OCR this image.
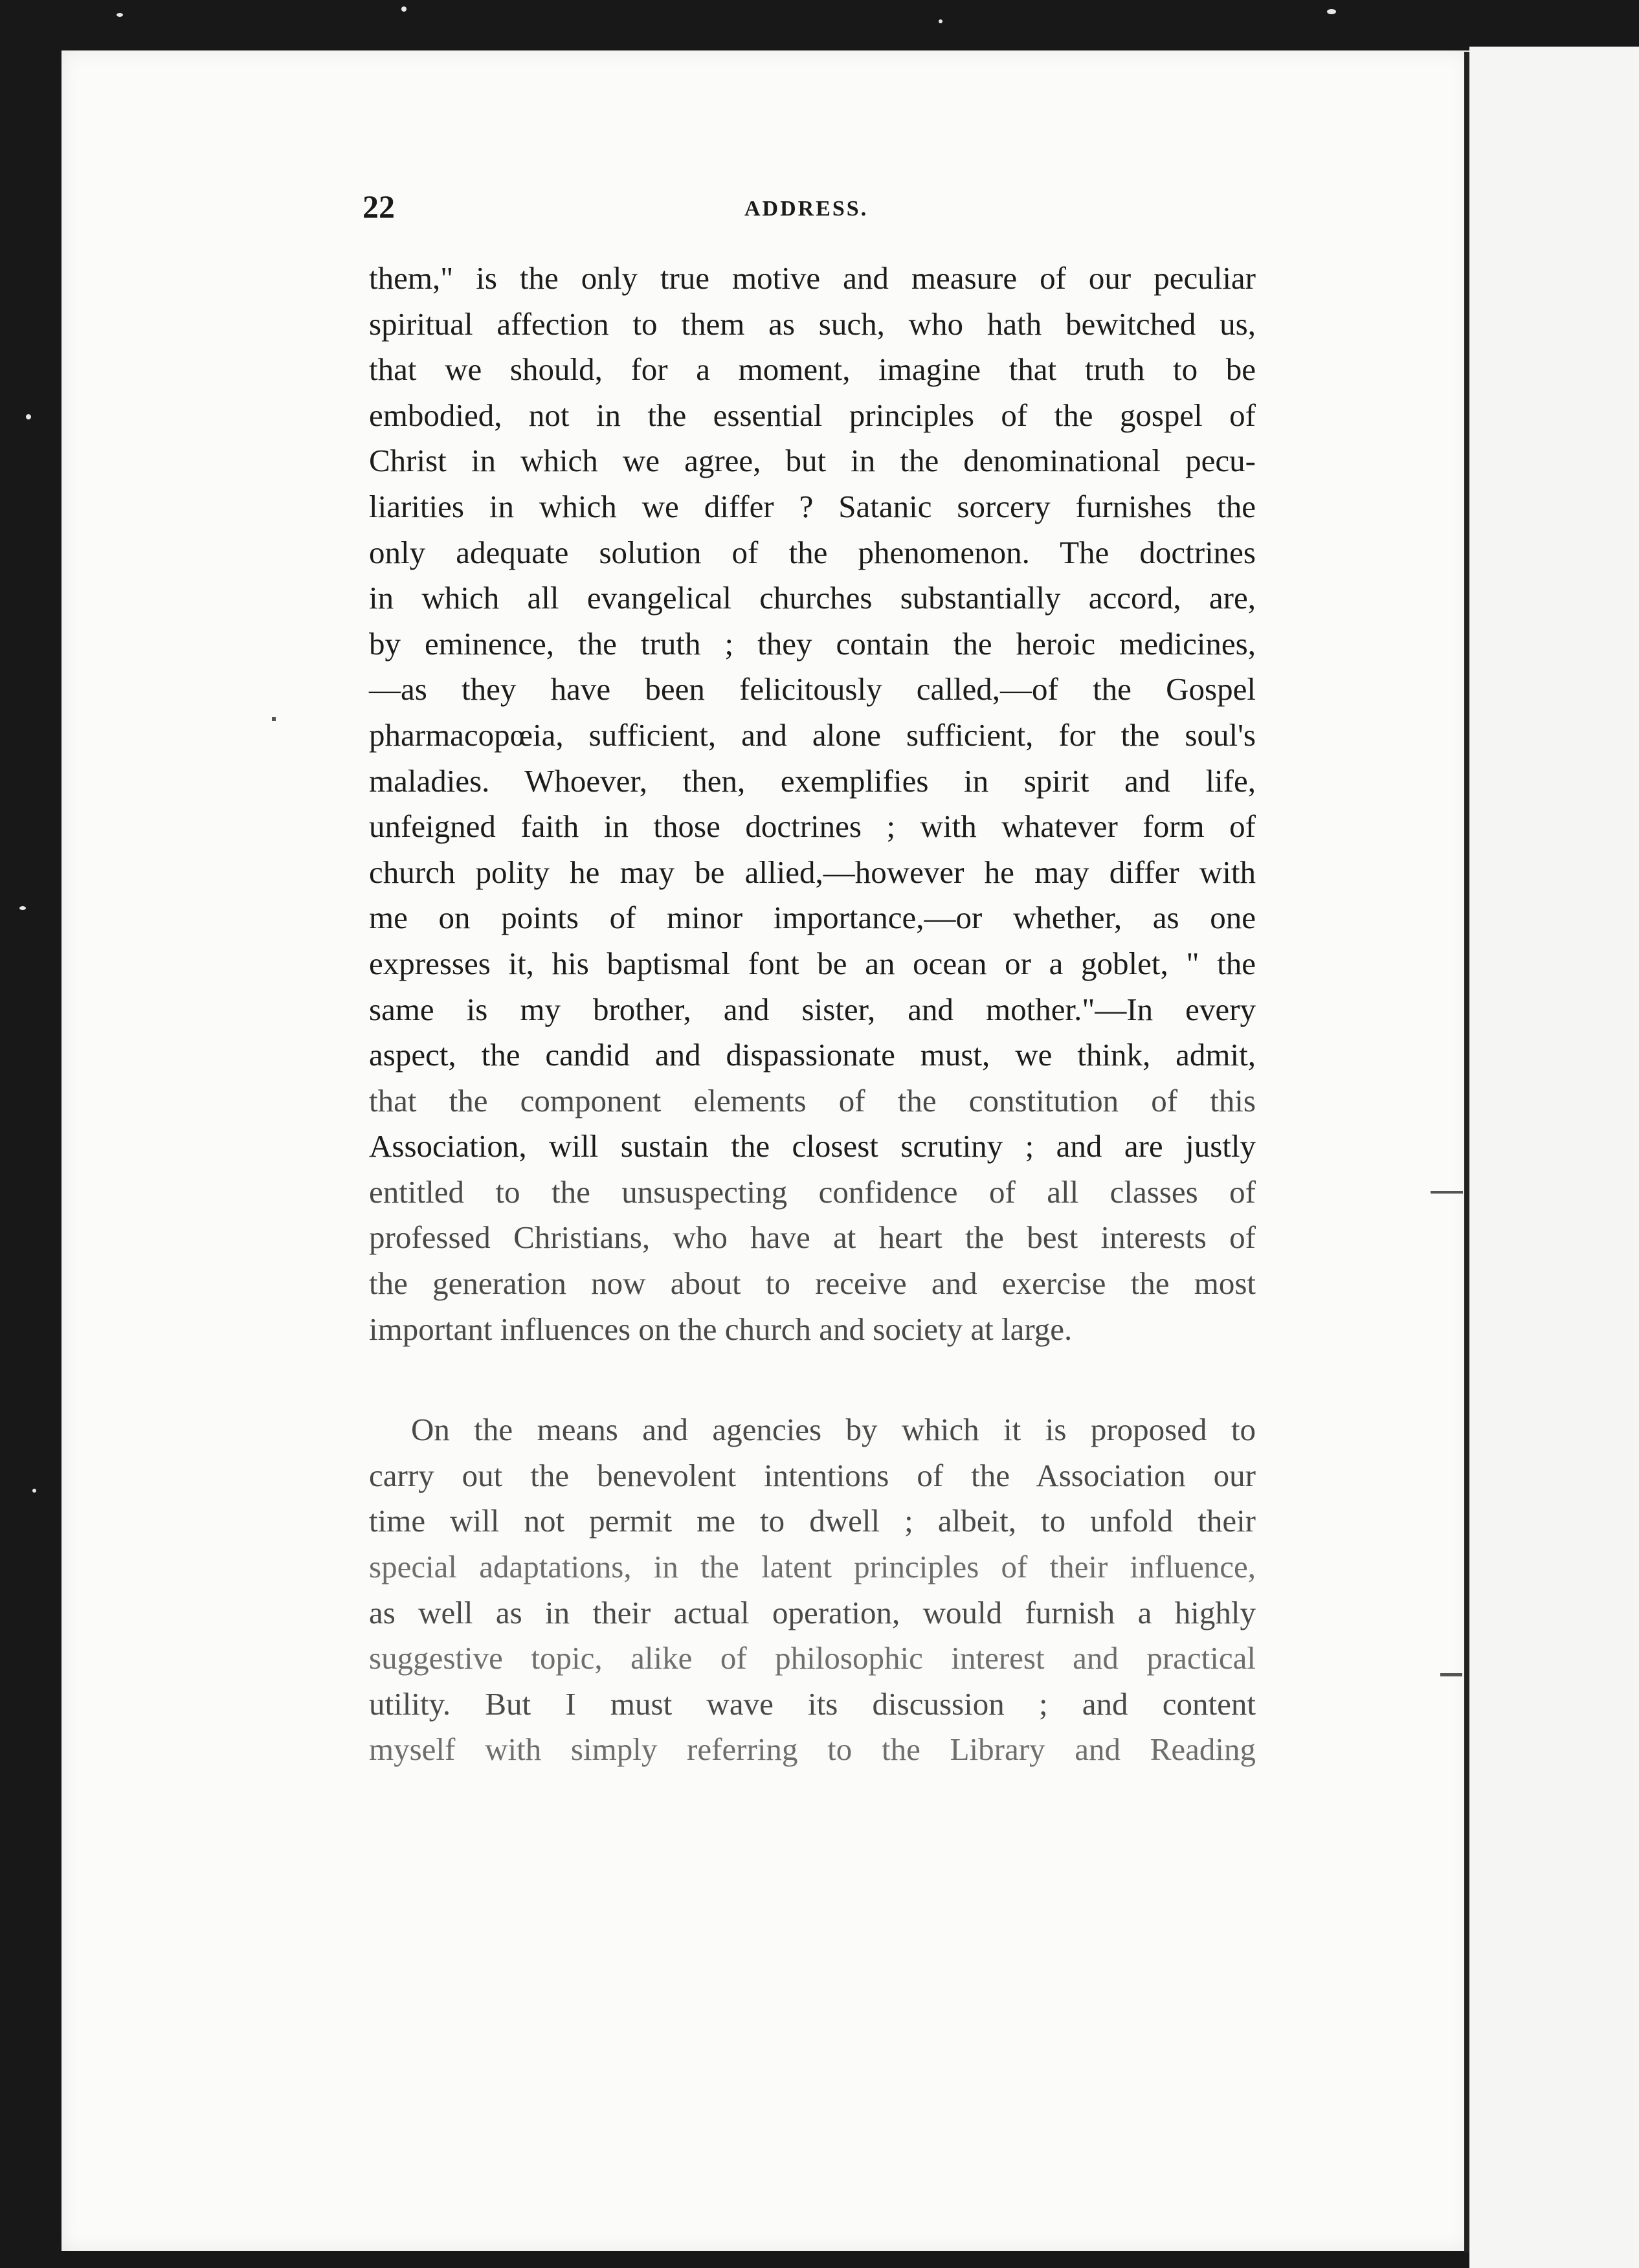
22	ADDRESS.
them," is the only true motive and measure of our peculiar
spiritual affection to them as such, who hath bewitched us,
that we should, for a moment, imagine that truth to be
embodied, not in the essential principles of the gospel of
Christ in which we agree, but in the denominational pecu-
liarities in which we differ ? Satanic sorcery furnishes the
only adequate solution of the phenomenon. The doctrines
in which all evangelical churches substantially accord, are,
by eminence, the truth ; they contain the heroic medicines,
—as they have been felicitously called,—of the Gospel
pharmacopœia, sufficient, and alone sufficient, for the soul's
maladies. Whoever, then, exemplifies in spirit and life,
unfeigned faith in those doctrines ; with whatever form of
church polity he may be allied,—however he may differ with
me on points of minor importance,—or whether, as one
expresses it, his baptismal font be an ocean or a goblet, " the
same is my brother, and sister, and mother."—In every
aspect, the candid and dispassionate must, we think, admit,
that the component elements of the constitution of this
Association, will sustain the closest scrutiny ; and are justly
entitled to the unsuspecting confidence of all classes of
professed Christians, who have at heart the best interests of
the generation now about to receive and exercise the most
important influences on the church and society at large.
On the means and agencies by which it is proposed to
carry out the benevolent intentions of the Association our
time will not permit me to dwell ; albeit, to unfold their
special adaptations, in the latent principles of their influence,
as well as in their actual operation, would furnish a highly
suggestive topic, alike of philosophic interest and practical
utility. But I must wave its discussion ; and content
myself with simply referring to the Library and Reading
